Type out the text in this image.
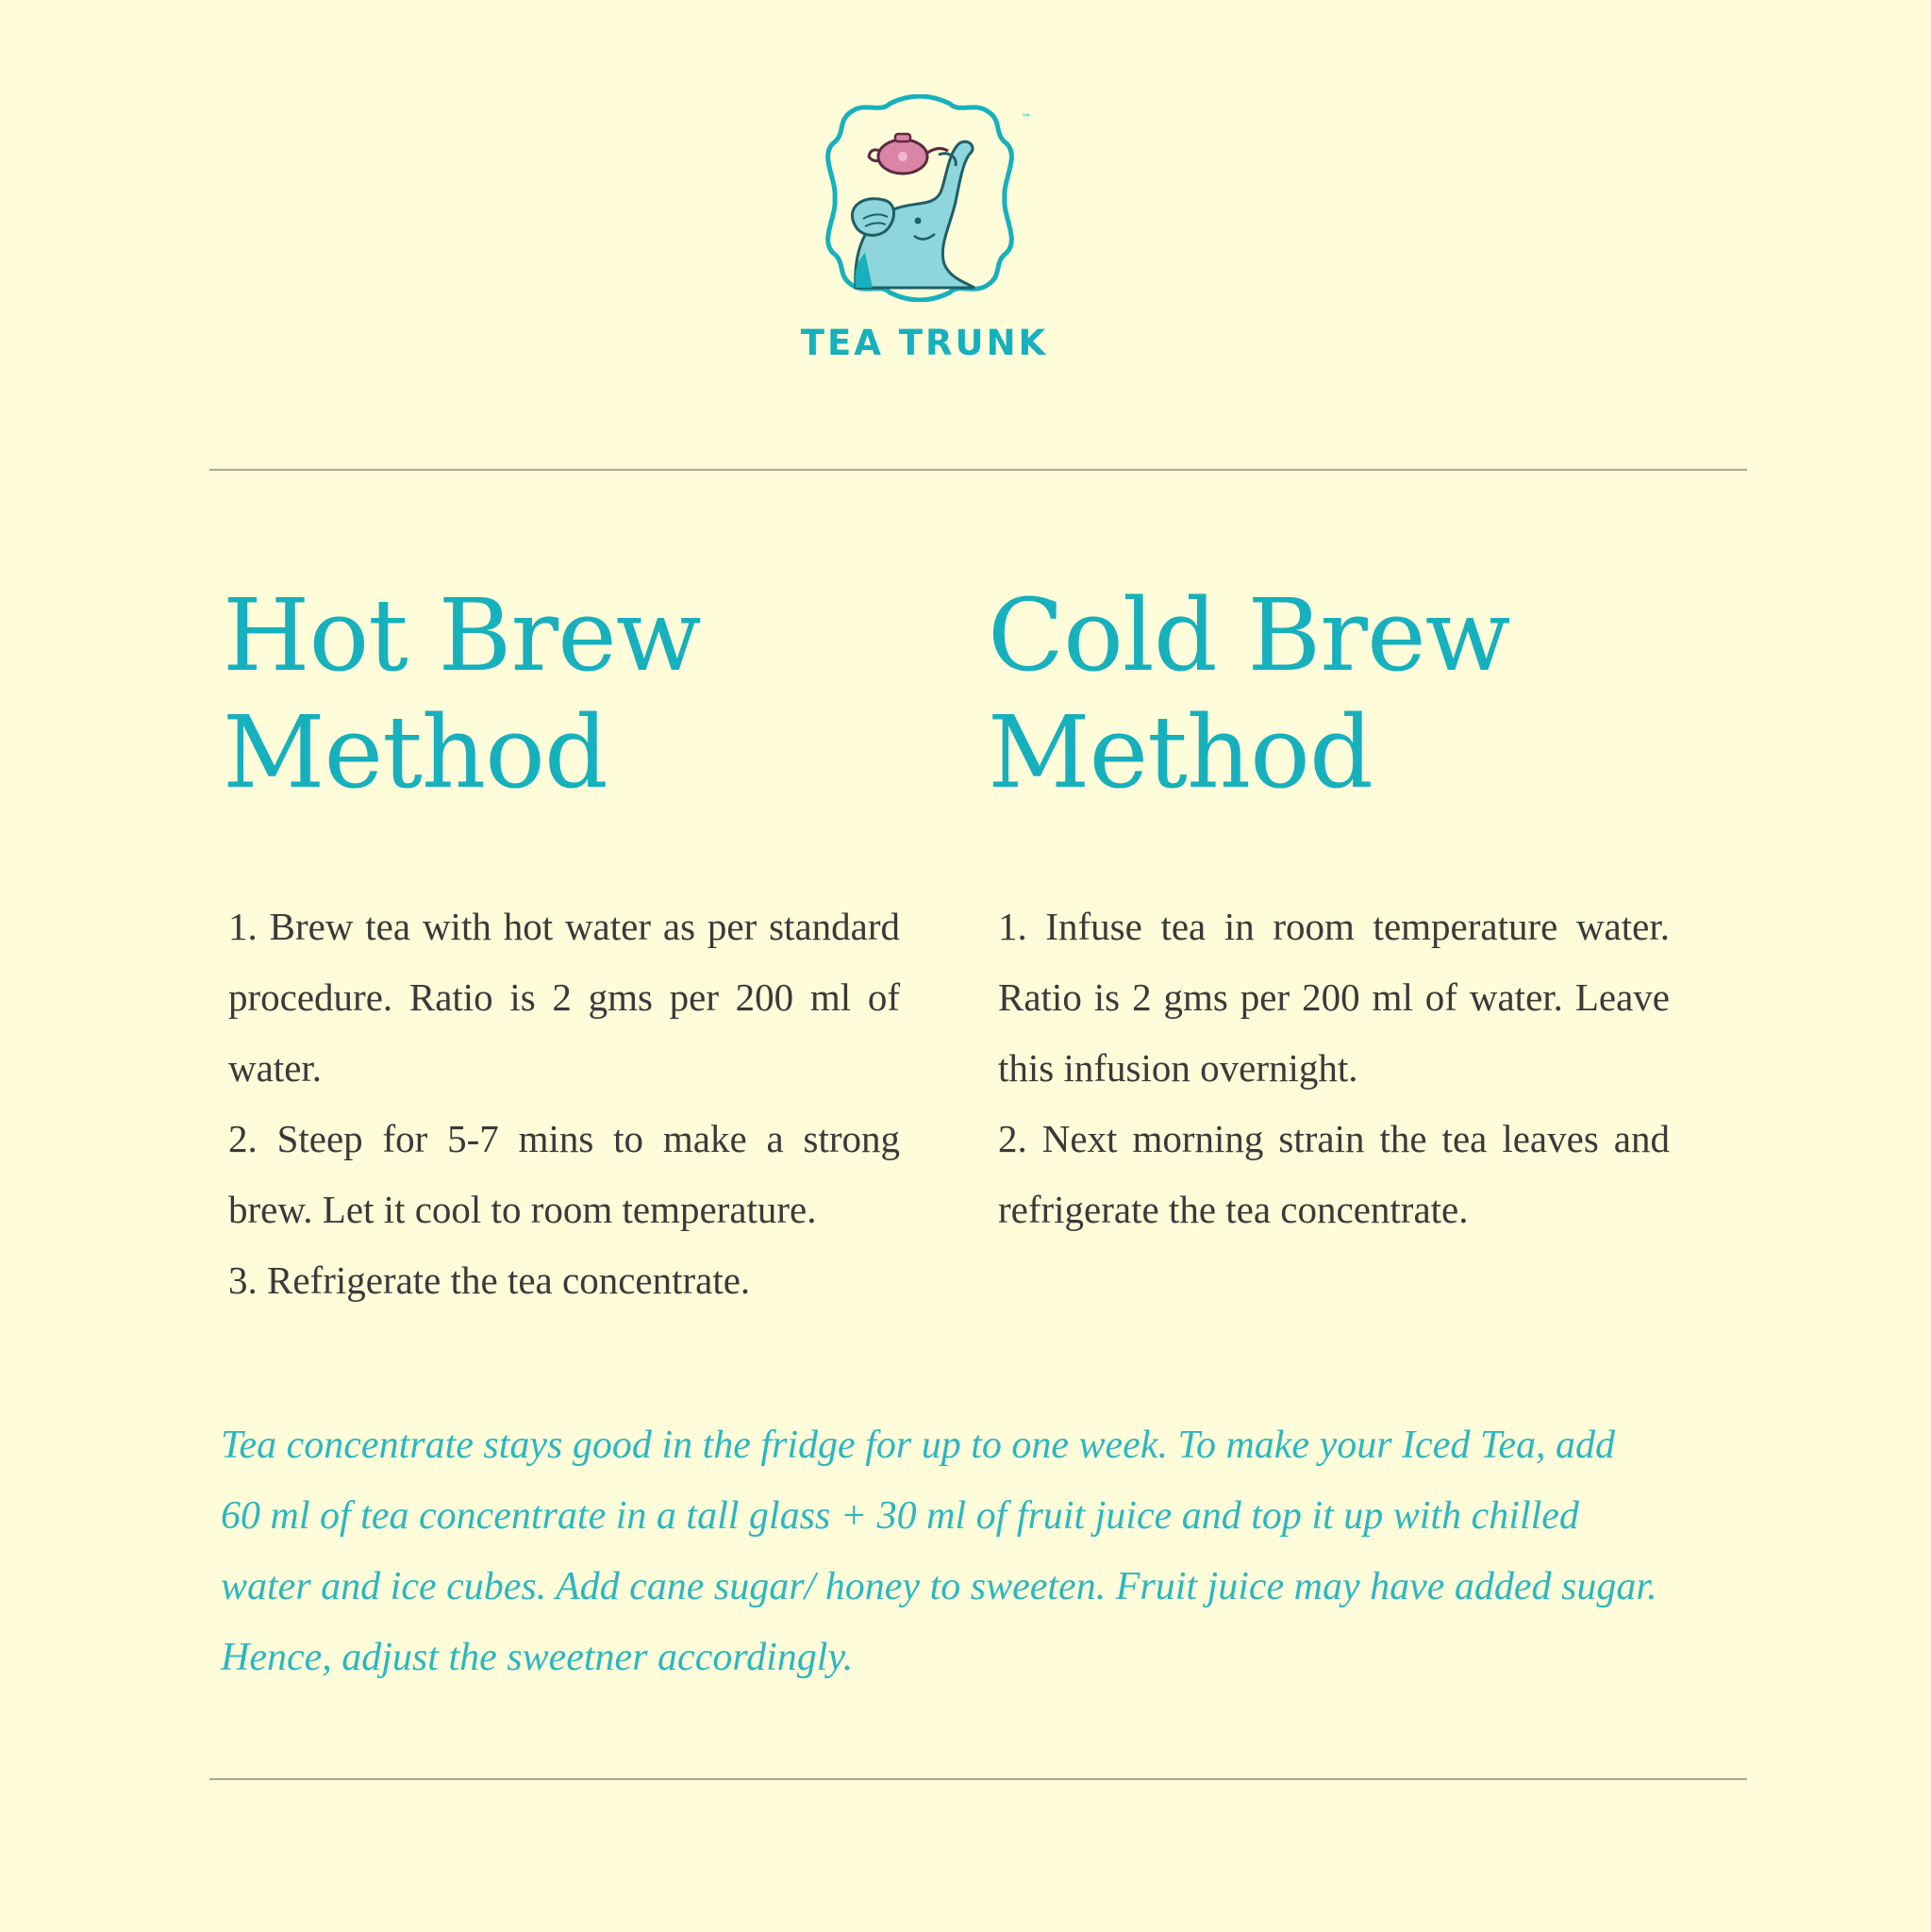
™
TEA TRUNK
Hot Brew
Method
Cold Brew
Method
1. Brew tea with hot water as per standard procedure. Ratio is 2 gms per 200 ml of water.
2. Steep for 5-7 mins to make a strong brew. Let it cool to room temperature.
3. Refrigerate the tea concentrate.
1. Infuse tea in room temperature water. Ratio is 2 gms per 200 ml of water. Leave this infusion overnight.
2. Next morning strain the tea leaves and refrigerate the tea concentrate.

Tea concentrate stays good in the fridge for up to one week. To make your Iced Tea, add 60 ml of tea concentrate in a tall glass + 30 ml of fruit juice and top it up with chilled water and ice cubes. Add cane sugar/ honey to sweeten. Fruit juice may have added sugar. Hence, adjust the sweetner accordingly.
